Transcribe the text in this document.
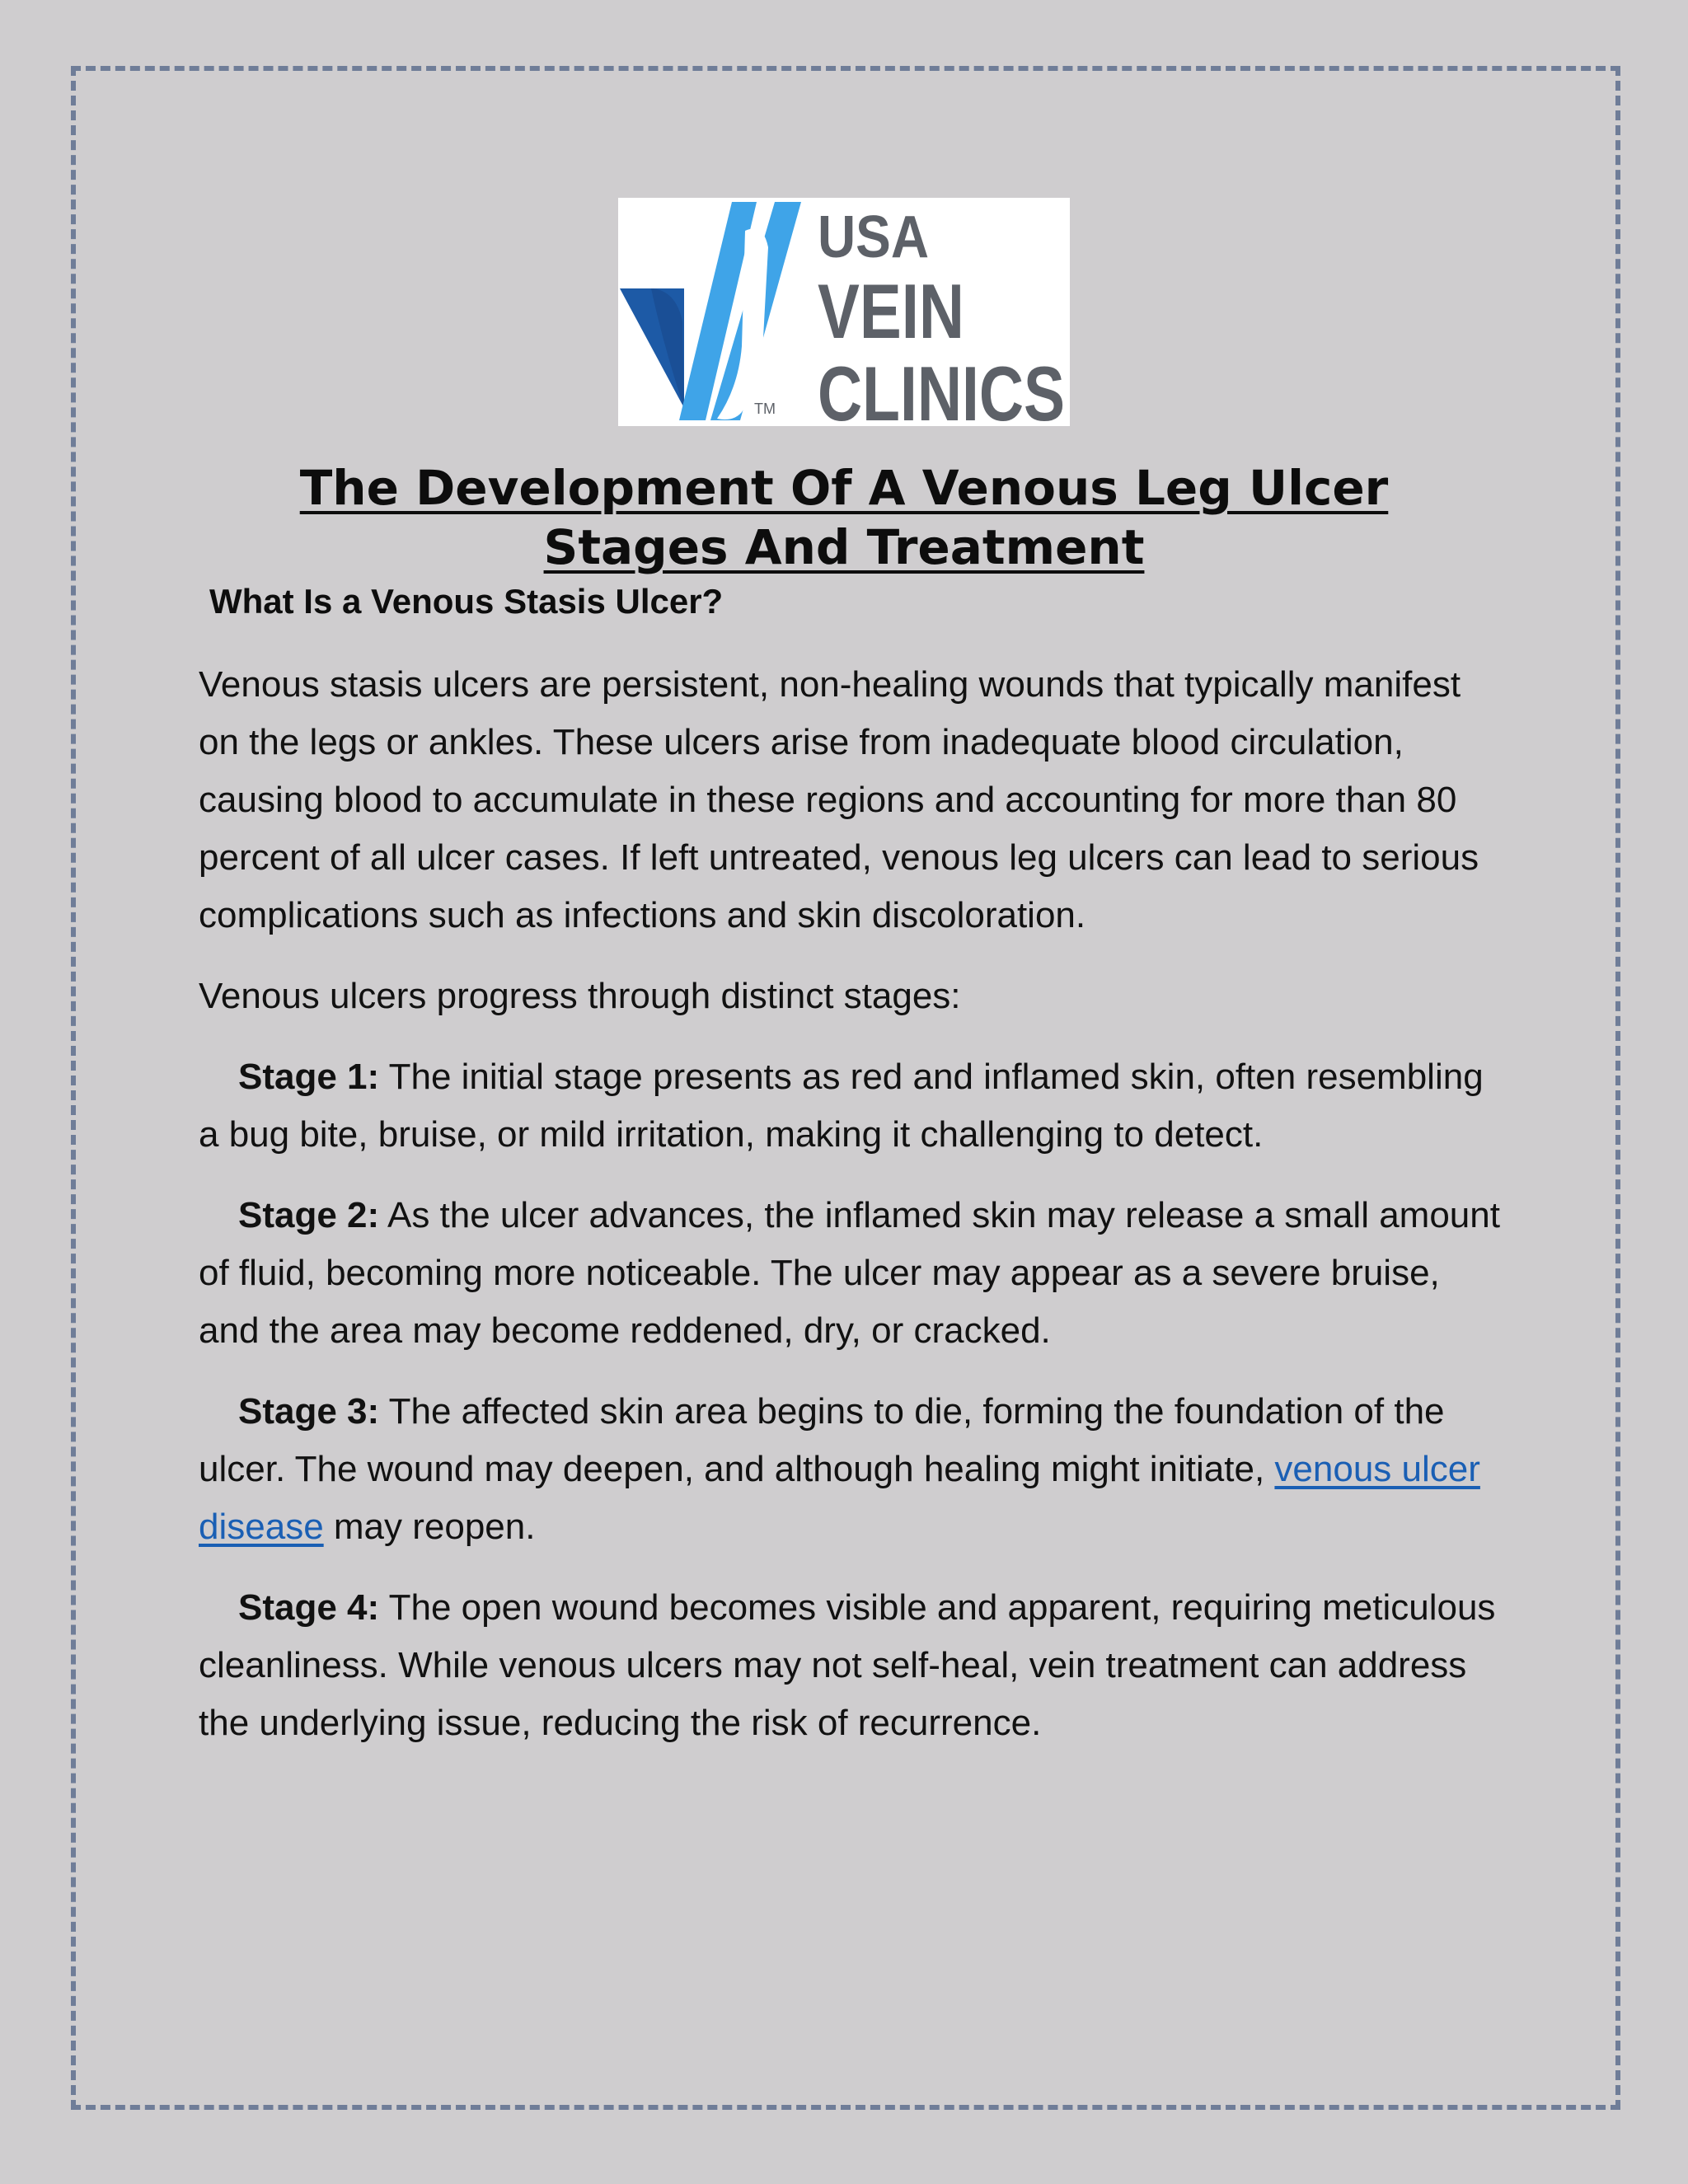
TM
USA
VEIN
CLINICS
The Development Of A Venous Leg Ulcer
Stages And Treatment
What Is a Venous Stasis Ulcer?

Venous stasis ulcers are persistent, non-healing wounds that typically manifest on the legs or ankles. These ulcers arise from inadequate blood circulation, causing blood to accumulate in these regions and accounting for more than 80 percent of all ulcer cases. If left untreated, venous leg ulcers can lead to serious complications such as infections and skin discoloration.

Venous ulcers progress through distinct stages:

Stage 1: The initial stage presents as red and inflamed skin, often resembling a bug bite, bruise, or mild irritation, making it challenging to detect.

Stage 2: As the ulcer advances, the inflamed skin may release a small amount of fluid, becoming more noticeable. The ulcer may appear as a severe bruise, and the area may become reddened, dry, or cracked.

Stage 3: The affected skin area begins to die, forming the foundation of the ulcer. The wound may deepen, and although healing might initiate, venous ulcer disease may reopen.

Stage 4: The open wound becomes visible and apparent, requiring meticulous cleanliness. While venous ulcers may not self-heal, vein treatment can address the underlying issue, reducing the risk of recurrence.
